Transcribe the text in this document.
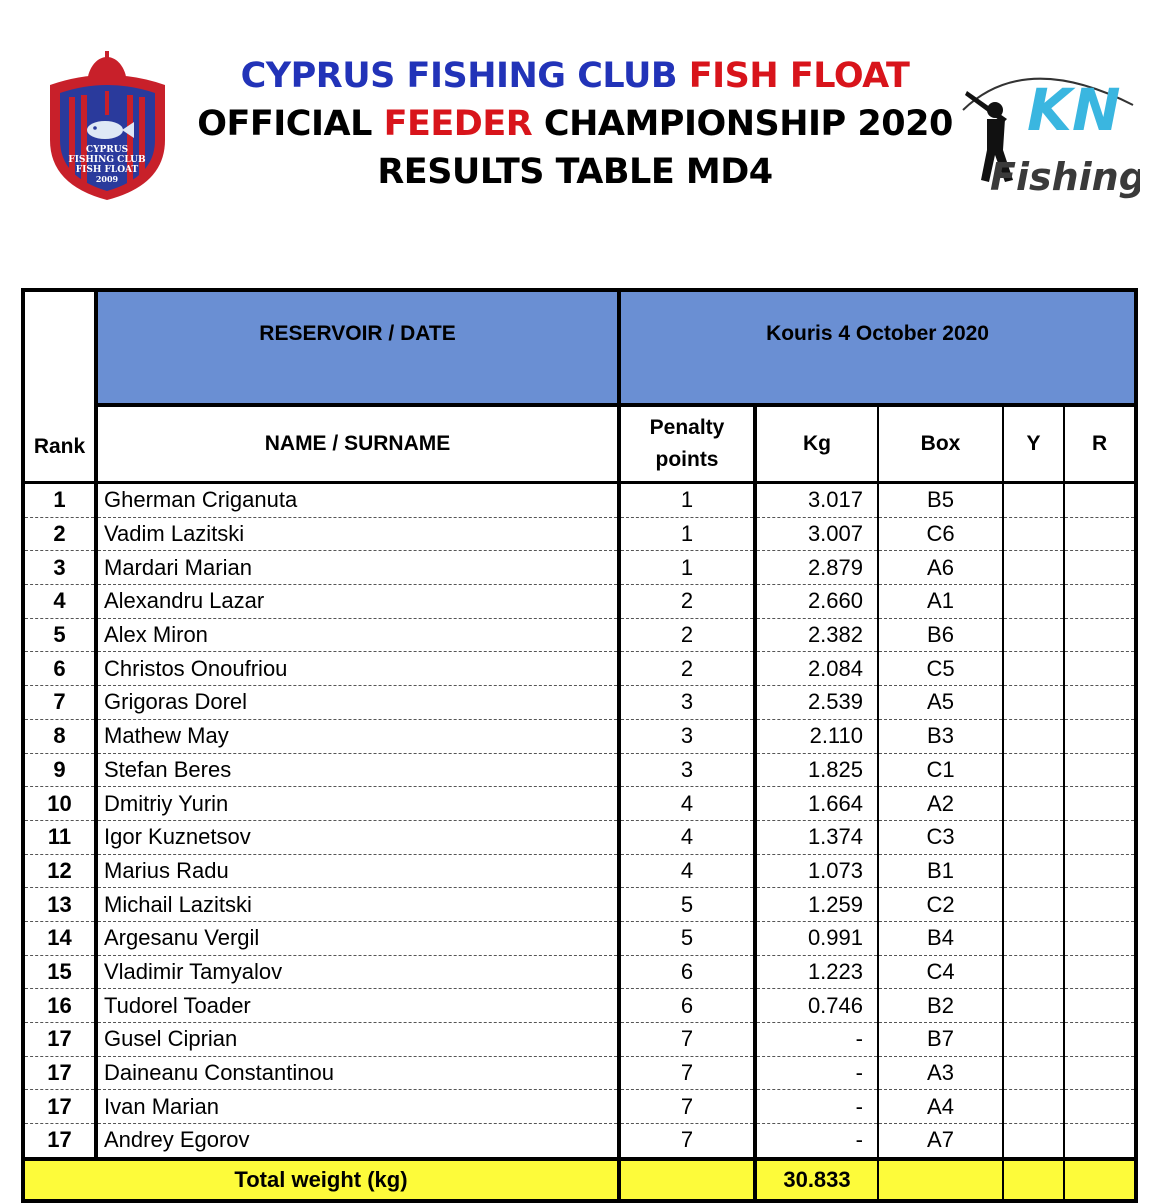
CYPRUS
FISHING CLUB
FISH FLOAT
2009
CYPRUS FISHING CLUB FISH FLOAT
OFFICIAL FEEDER CHAMPIONSHIP 2020
RESULTS TABLE MD4
KN
Fishing
Rank	RESERVOIR / DATE	Kouris 4 October 2020				
	NAME / SURNAME	Penalty points	Kg	Box	Y	R
1	Gherman Criganuta	1	3.017	B5		
2	Vadim Lazitski	1	3.007	C6		
3	Mardari Marian	1	2.879	A6		
4	Alexandru Lazar	2	2.660	A1		
5	Alex Miron	2	2.382	B6		
6	Christos Onoufriou	2	2.084	C5		
7	Grigoras Dorel	3	2.539	A5		
8	Mathew May	3	2.110	B3		
9	Stefan Beres	3	1.825	C1		
10	Dmitriy Yurin	4	1.664	A2		
11	Igor Kuznetsov	4	1.374	C3		
12	Marius Radu	4	1.073	B1		
13	Michail Lazitski	5	1.259	C2		
14	Argesanu Vergil	5	0.991	B4		
15	Vladimir Tamyalov	6	1.223	C4		
16	Tudorel Toader	6	0.746	B2		
17	Gusel Ciprian	7	-	B7		
17	Daineanu Constantinou	7	-	A3		
17	Ivan Marian	7	-	A4		
17	Andrey Egorov	7	-	A7		
Total weight (kg)			30.833			
